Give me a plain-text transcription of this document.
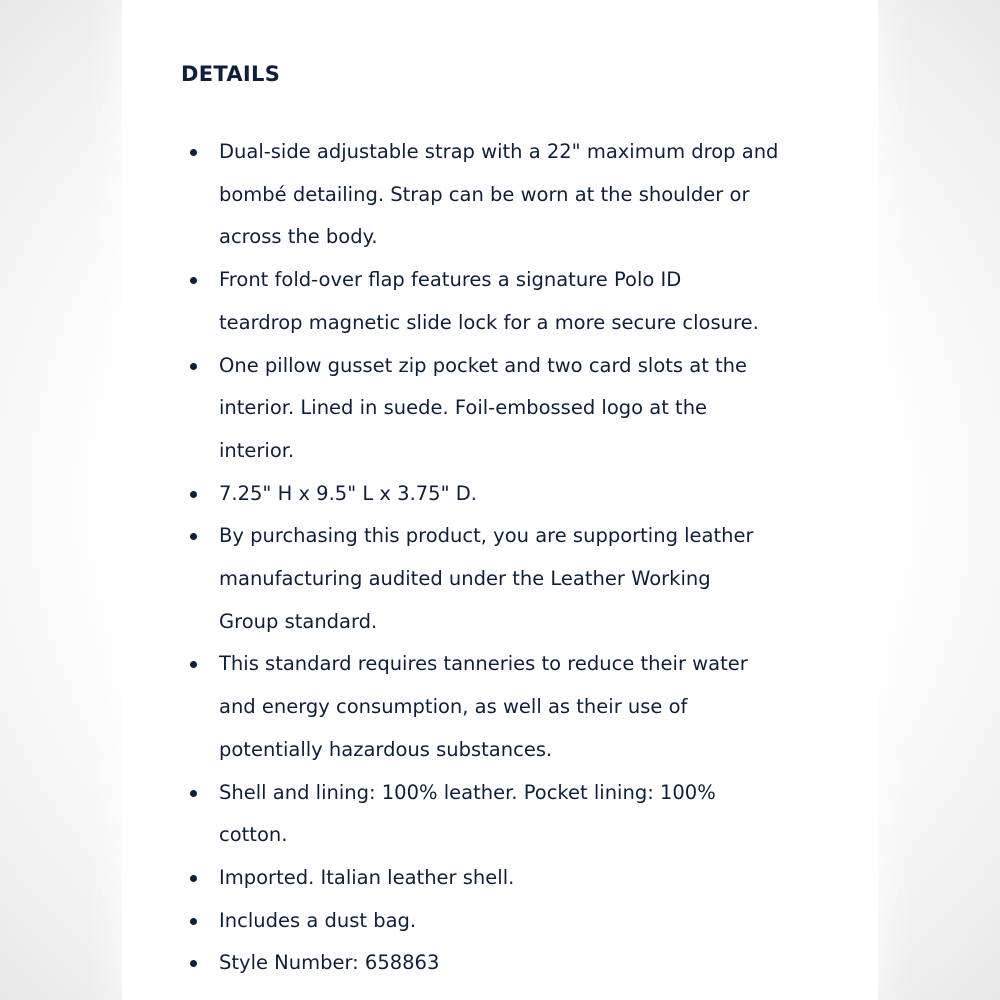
DETAILS
Dual-side adjustable strap with a 22" maximum drop and
bombé detailing. Strap can be worn at the shoulder or
across the body.
Front fold-over flap features a signature Polo ID
teardrop magnetic slide lock for a more secure closure.
One pillow gusset zip pocket and two card slots at the
interior. Lined in suede. Foil-embossed logo at the
interior.
7.25" H x 9.5" L x 3.75" D.
By purchasing this product, you are supporting leather
manufacturing audited under the Leather Working
Group standard.
This standard requires tanneries to reduce their water
and energy consumption, as well as their use of
potentially hazardous substances.
Shell and lining: 100% leather. Pocket lining: 100%
cotton.
Imported. Italian leather shell.
Includes a dust bag.
Style Number: 658863
